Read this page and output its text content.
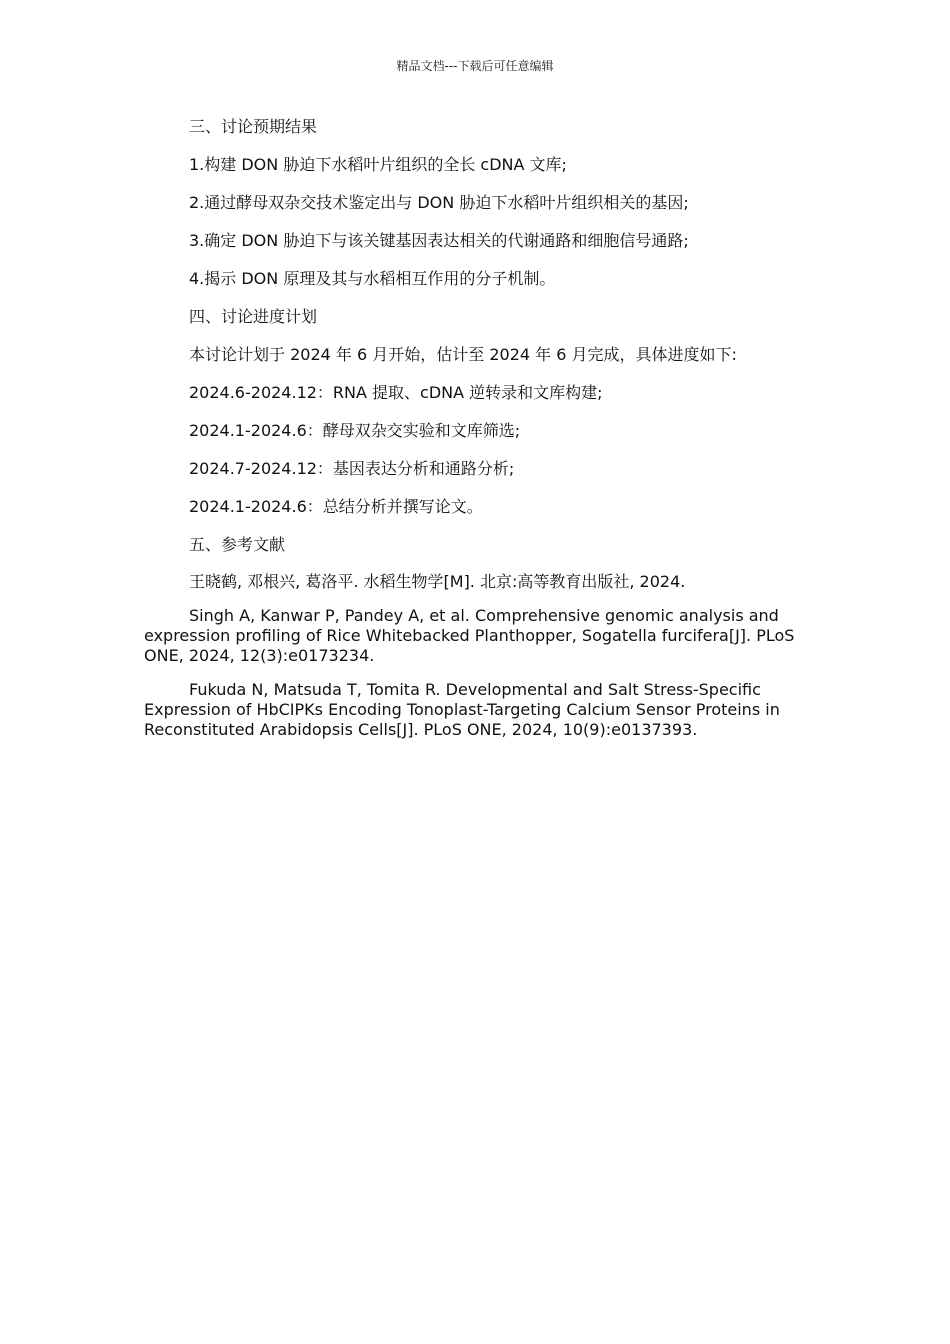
精品文档---下载后可任意编辑

三、讨论预期结果

1.构建 DON 胁迫下水稻叶片组织的全长 cDNA 文库;

2.通过酵母双杂交技术鉴定出与 DON 胁迫下水稻叶片组织相关的基因;

3.确定 DON 胁迫下与该关键基因表达相关的代谢通路和细胞信号通路;

4.揭示 DON 原理及其与水稻相互作用的分子机制。

四、讨论进度计划

本讨论计划于 2024 年 6 月开始，估计至 2024 年 6 月完成，具体进度如下:

2024.6-2024.12：RNA 提取、cDNA 逆转录和文库构建;

2024.1-2024.6：酵母双杂交实验和文库筛选;

2024.7-2024.12：基因表达分析和通路分析;

2024.1-2024.6：总结分析并撰写论文。

五、参考文献

王晓鹤, 邓根兴, 葛洛平. 水稻生物学[M]. 北京:高等教育出版社, 2024.

Singh A, Kanwar P, Pandey A, et al. Comprehensive genomic analysis and expression profiling of Rice Whitebacked Planthopper, Sogatella furcifera[J]. PLoS ONE, 2024, 12(3):e0173234.

Fukuda N, Matsuda T, Tomita R. Developmental and Salt Stress-Specific Expression of HbCIPKs Encoding Tonoplast-Targeting Calcium Sensor Proteins in Reconstituted Arabidopsis Cells[J]. PLoS ONE, 2024, 10(9):e0137393.
